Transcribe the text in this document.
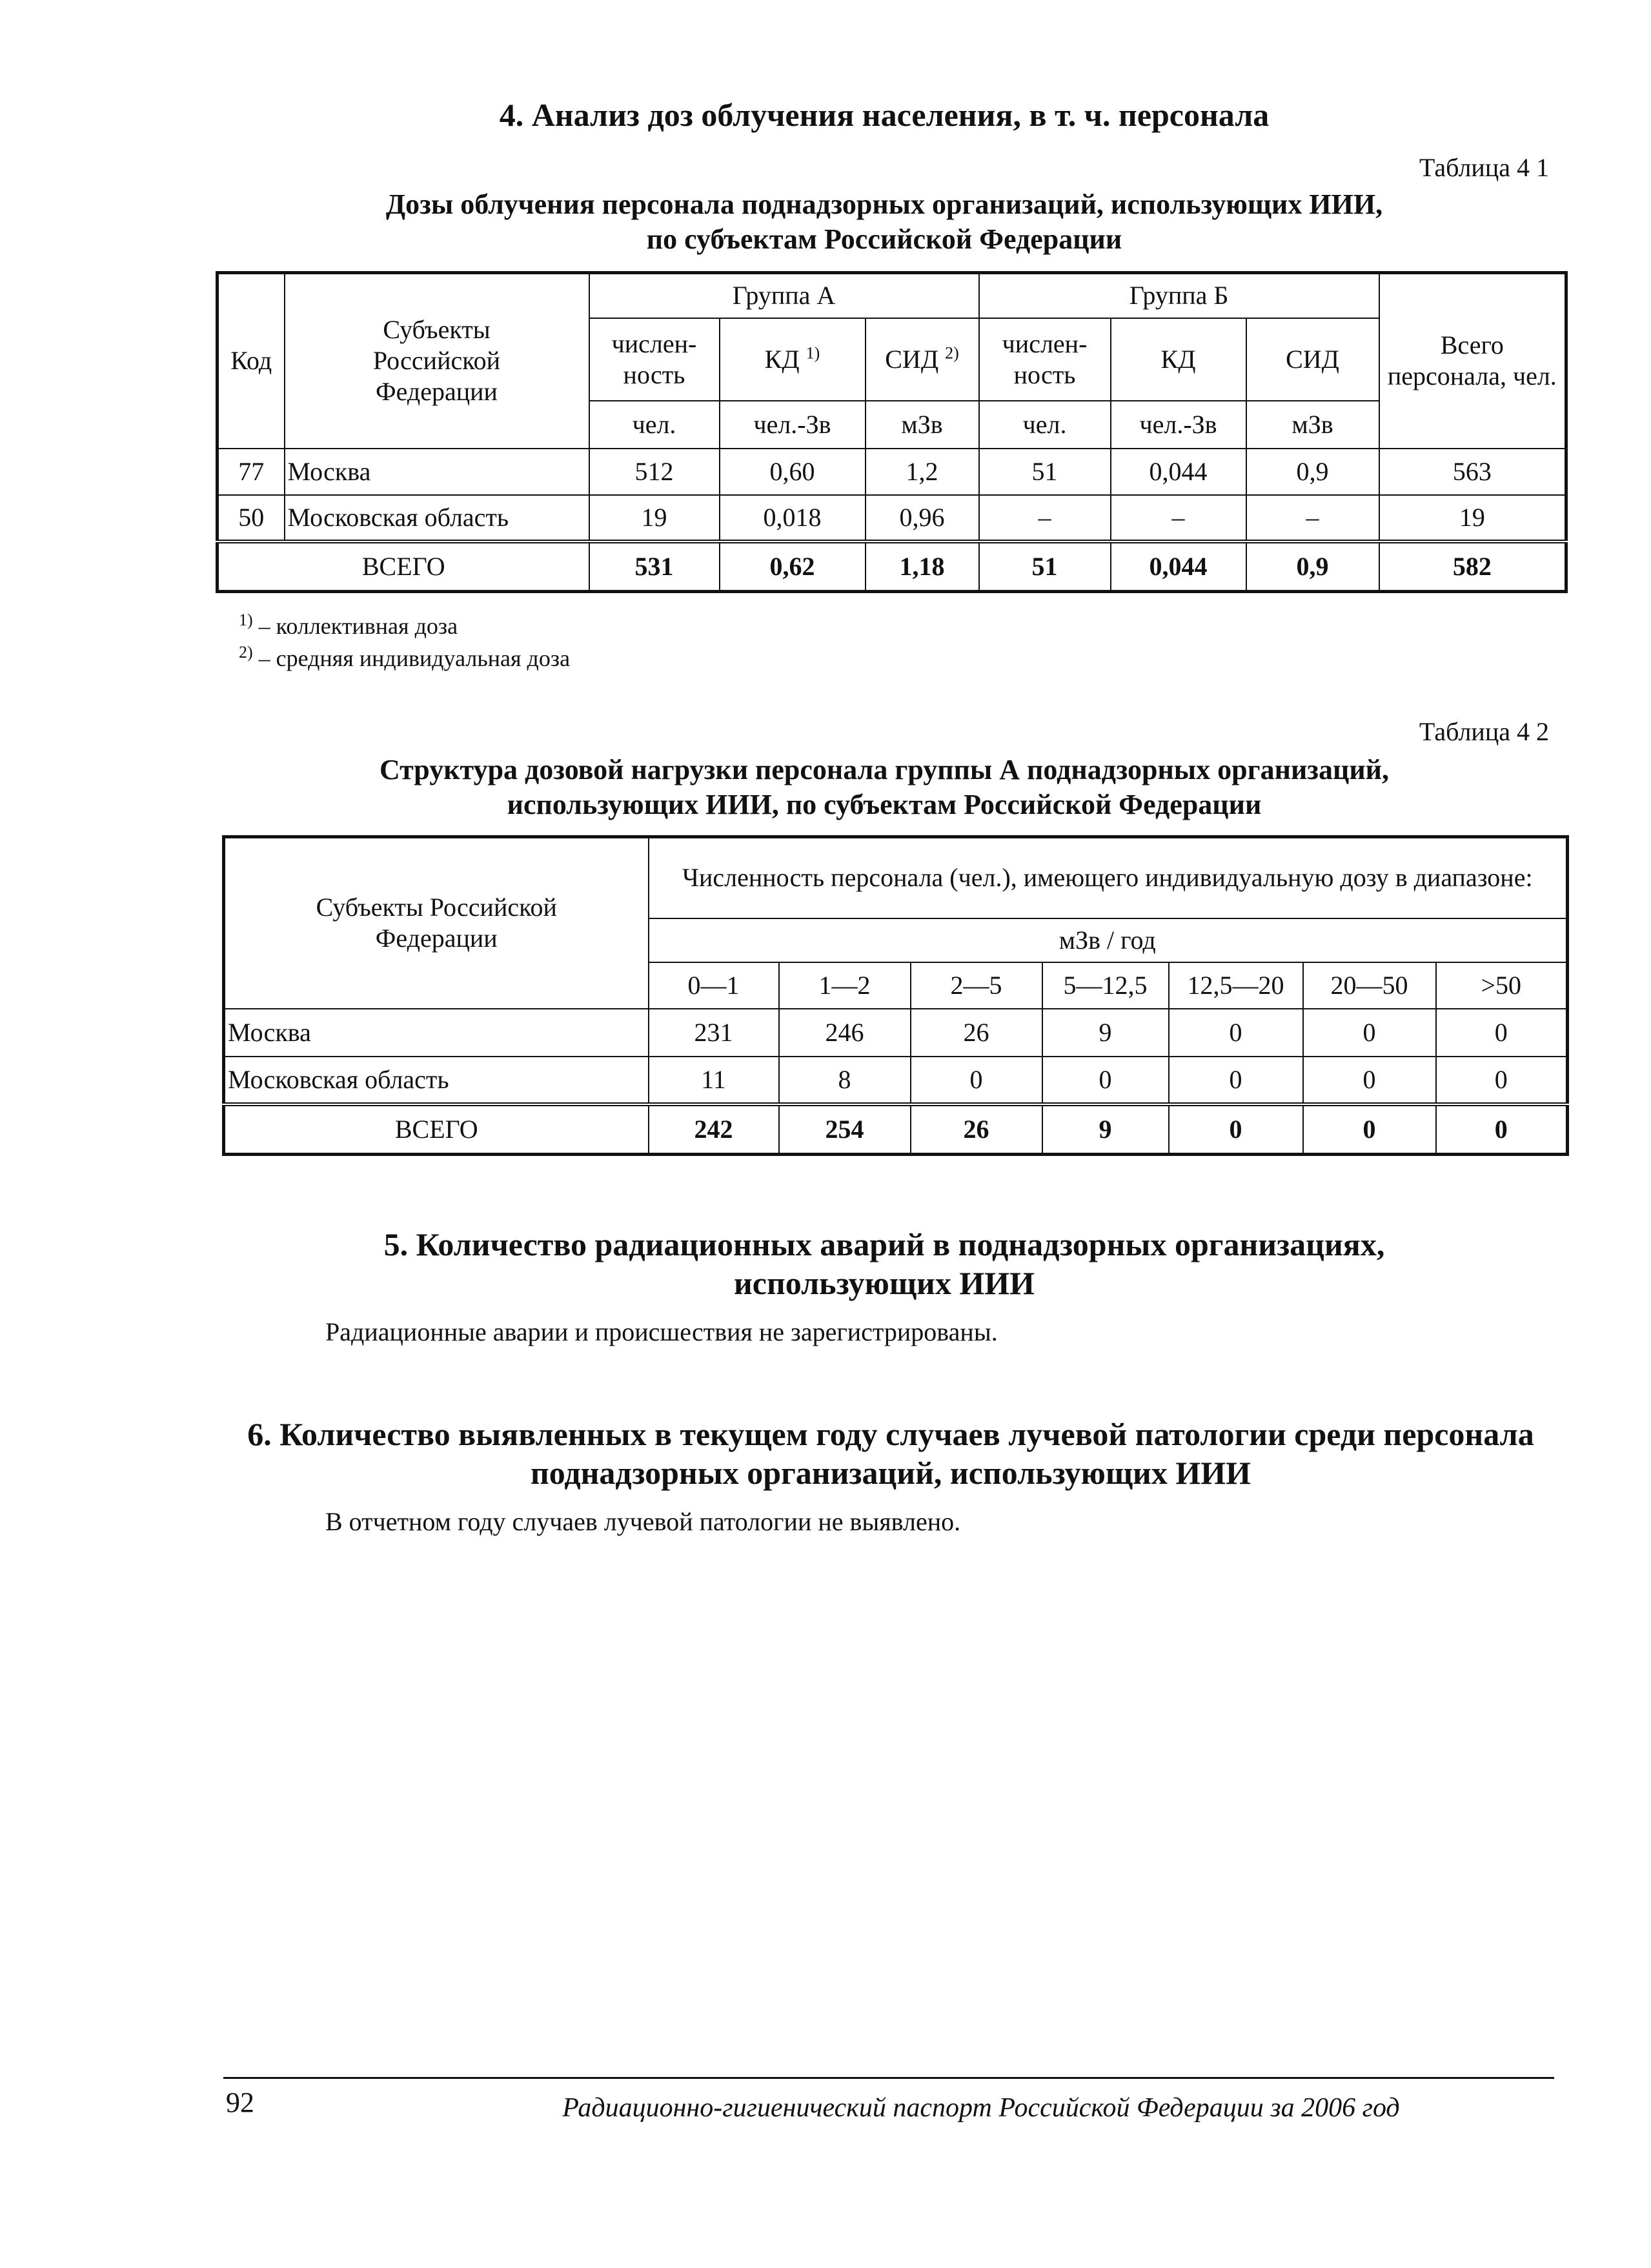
4. Анализ доз облучения населения, в т. ч. персонала
Таблица 4 1
Дозы облучения персонала поднадзорных организаций, использующих ИИИ,
по субъектам Российской Федерации
Код	Субъекты Российской Федерации	Группа А			Группа Б			Всего персонала, чел.
		числен-ность	КД $^{1)}$	СИД $^{2)}$	числен-ность	КД	СИД	
		чел.	чел.-Зв	мЗв	чел.	чел.-Зв	мЗв	
77	Москва	512	0,60	1,2	51	0,044	0,9	563
50	Московская область	19	0,018	0,96	–	–	–	19
ВСЕГО		531	0,62	1,18	51	0,044	0,9	582
$^{1)}$ – коллективная доза
$^{2)}$ – средняя индивидуальная доза
Таблица 4 2
Структура дозовой нагрузки персонала группы А поднадзорных организаций,
использующих ИИИ, по субъектам Российской Федерации
Субъекты Российской Федерации	Численность персонала (чел.), имеющего индивидуальную дозу в диапазоне:						
	мЗв / год						
	0—1	1—2	2—5	5—12,5	12,5—20	20—50	>50
Москва	231	246	26	9	0	0	0
Московская область	11	8	0	0	0	0	0
ВСЕГО	242	254	26	9	0	0	0
5. Количество радиационных аварий в поднадзорных организациях,
использующих ИИИ
Радиационные аварии и происшествия не зарегистрированы.
6. Количество выявленных в текущем году случаев лучевой патологии среди персонала
поднадзорных организаций, использующих ИИИ
В отчетном году случаев лучевой патологии не выявлено.
92	Радиационно-гигиенический паспорт Российской Федерации за 2006 год
